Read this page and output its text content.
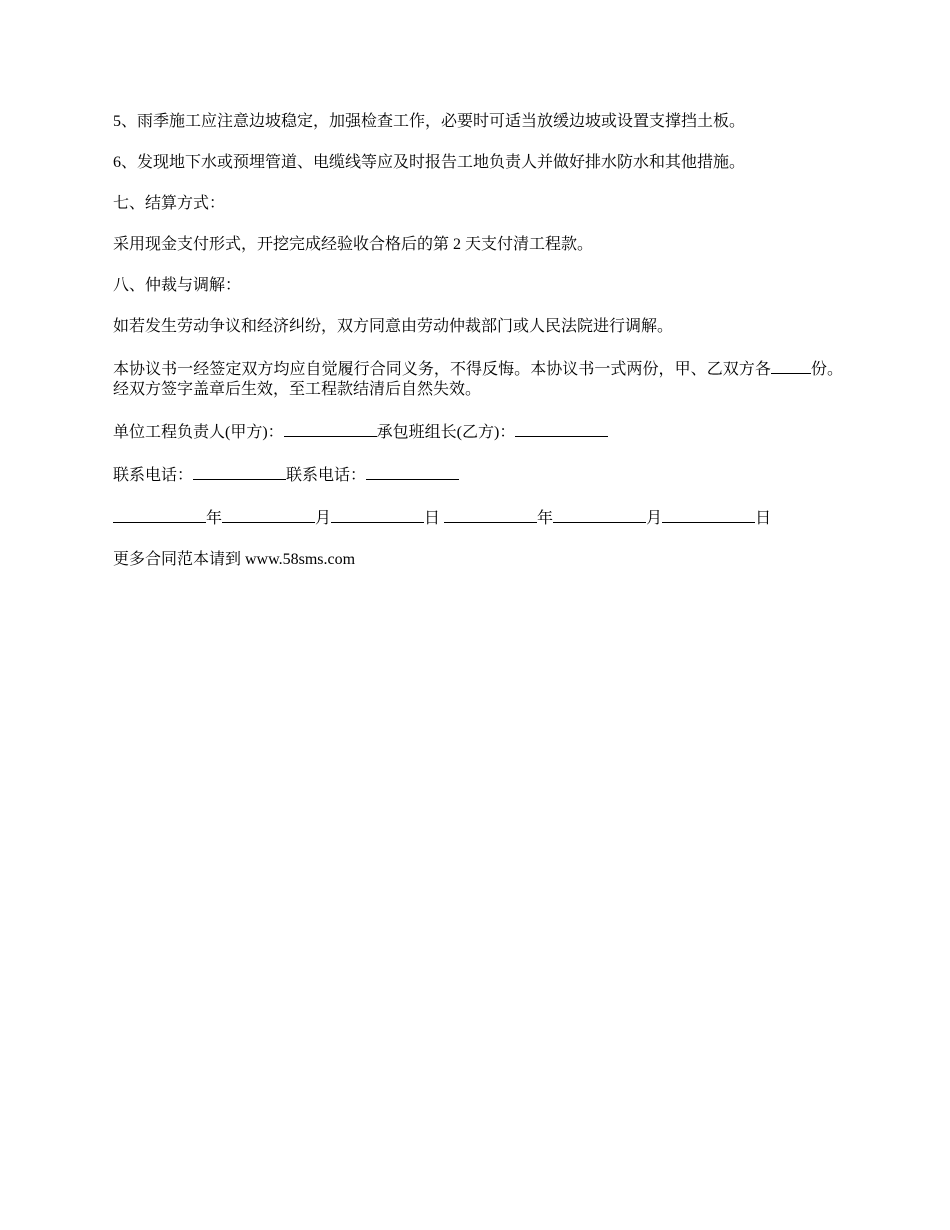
5、雨季施工应注意边坡稳定，加强检查工作，必要时可适当放缓边坡或设置支撑挡土板。

6、发现地下水或预埋管道、电缆线等应及时报告工地负责人并做好排水防水和其他措施。

七、结算方式：

采用现金支付形式，开挖完成经验收合格后的第 2 天支付清工程款。

八、仲裁与调解：

如若发生劳动争议和经济纠纷，双方同意由劳动仲裁部门或人民法院进行调解。

本协议书一经签定双方均应自觉履行合同义务，不得反悔。本协议书一式两份，甲、乙双方各	份。经双方签字盖章后生效，至工程款结清后自然失效。

单位工程负责人(甲方)：	承包班组长(乙方)：

联系电话：	联系电话：

年	月	日	年	月	日

更多合同范本请到 www.58sms.com
